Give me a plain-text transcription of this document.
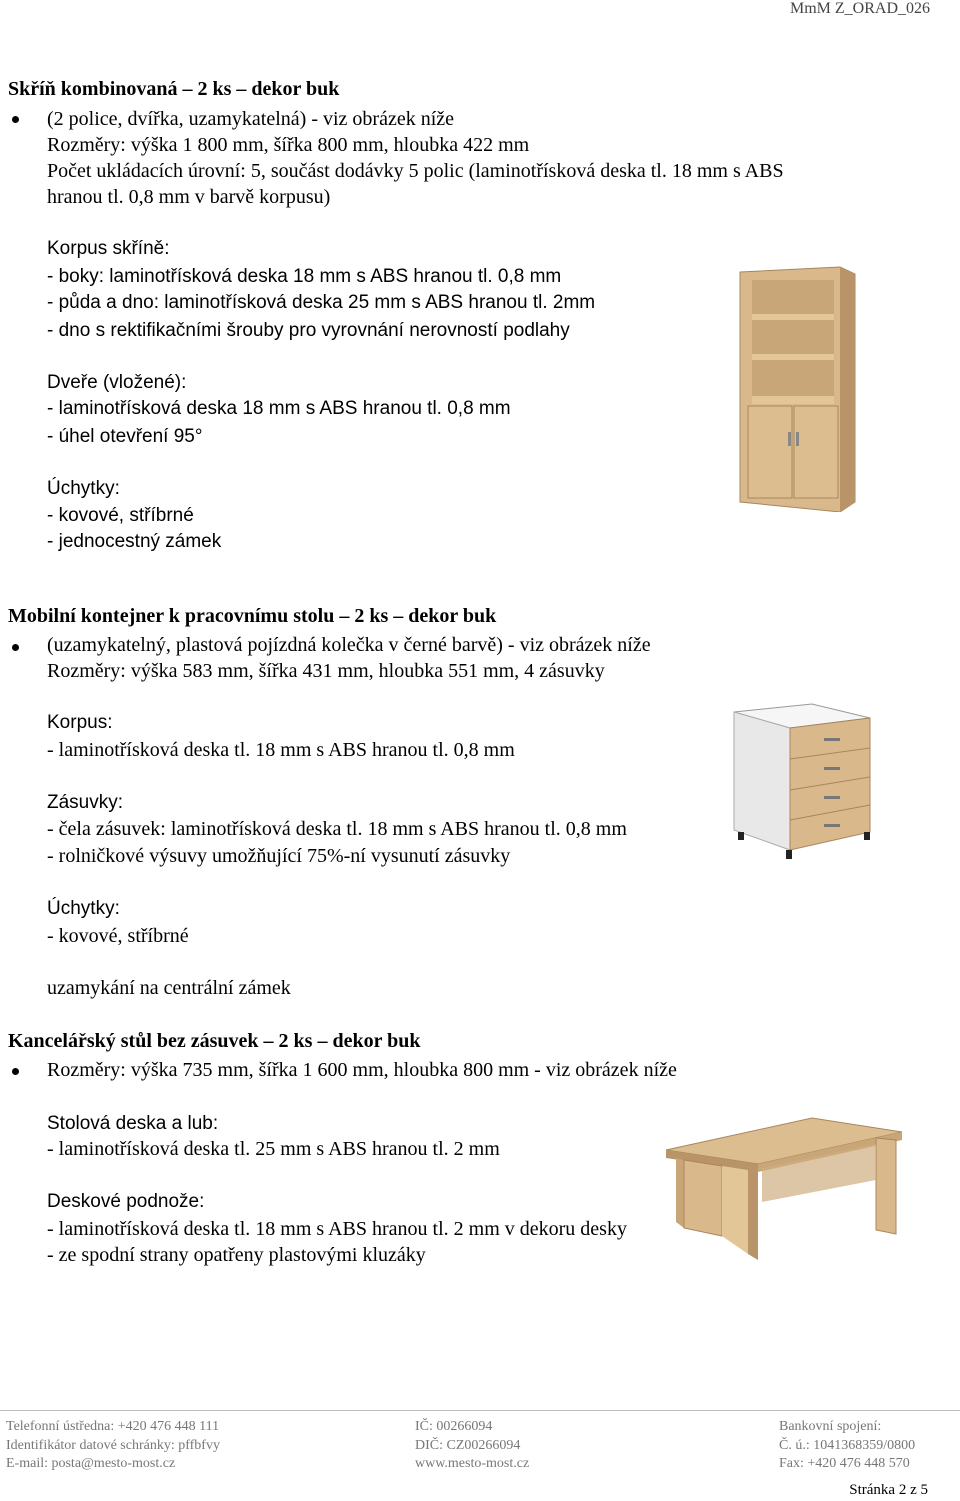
MmM Z_ORAD_026
Skříň kombinovaná – 2 ks – dekor buk
(2 police, dvířka, uzamykatelná) - viz obrázek níže
Rozměry: výška 1 800 mm, šířka 800 mm, hloubka 422 mm
Počet ukládacích úrovní: 5, součást dodávky 5 polic (laminotřísková deska tl. 18 mm s ABS
hranou tl. 0,8 mm v barvě korpusu)
Korpus skříně:
- boky: laminotřísková deska 18 mm s ABS hranou tl. 0,8 mm
- půda a dno: laminotřísková deska 25 mm s ABS hranou tl. 2mm
- dno s rektifikačními šrouby pro vyrovnání nerovností podlahy
Dveře (vložené):
- laminotřísková deska 18 mm s ABS hranou tl. 0,8 mm
- úhel otevření 95°
Úchytky:
- kovové, stříbrné
- jednocestný zámek
Mobilní kontejner k pracovnímu stolu – 2 ks – dekor buk
(uzamykatelný, plastová pojízdná kolečka v černé barvě) - viz obrázek níže
Rozměry: výška 583 mm, šířka 431 mm, hloubka 551 mm, 4 zásuvky
Korpus:
- laminotřísková deska tl. 18 mm s ABS hranou tl. 0,8 mm
Zásuvky:
- čela zásuvek: laminotřísková deska tl. 18 mm s ABS hranou tl. 0,8 mm
- rolničkové výsuvy umožňující 75%-ní vysunutí zásuvky
Úchytky:
- kovové, stříbrné
uzamykání na centrální zámek
Kancelářský stůl bez zásuvek – 2 ks – dekor buk
Rozměry: výška 735 mm, šířka 1 600 mm, hloubka 800 mm - viz obrázek níže
Stolová deska a lub:
- laminotřísková deska tl. 25 mm s ABS hranou tl. 2 mm
Deskové podnože:
- laminotřísková deska tl. 18 mm s ABS hranou tl. 2 mm v dekoru desky
- ze spodní strany opatřeny plastovými kluzáky
Telefonní ústředna: +420 476 448 111
Identifikátor datové schránky: pffbfvy
E-mail: posta@mesto-most.cz
IČ: 00266094
DIČ: CZ00266094
www.mesto-most.cz
Bankovní spojení:
Č. ú.: 1041368359/0800
Fax: +420 476 448 570
Stránka 2 z 5
